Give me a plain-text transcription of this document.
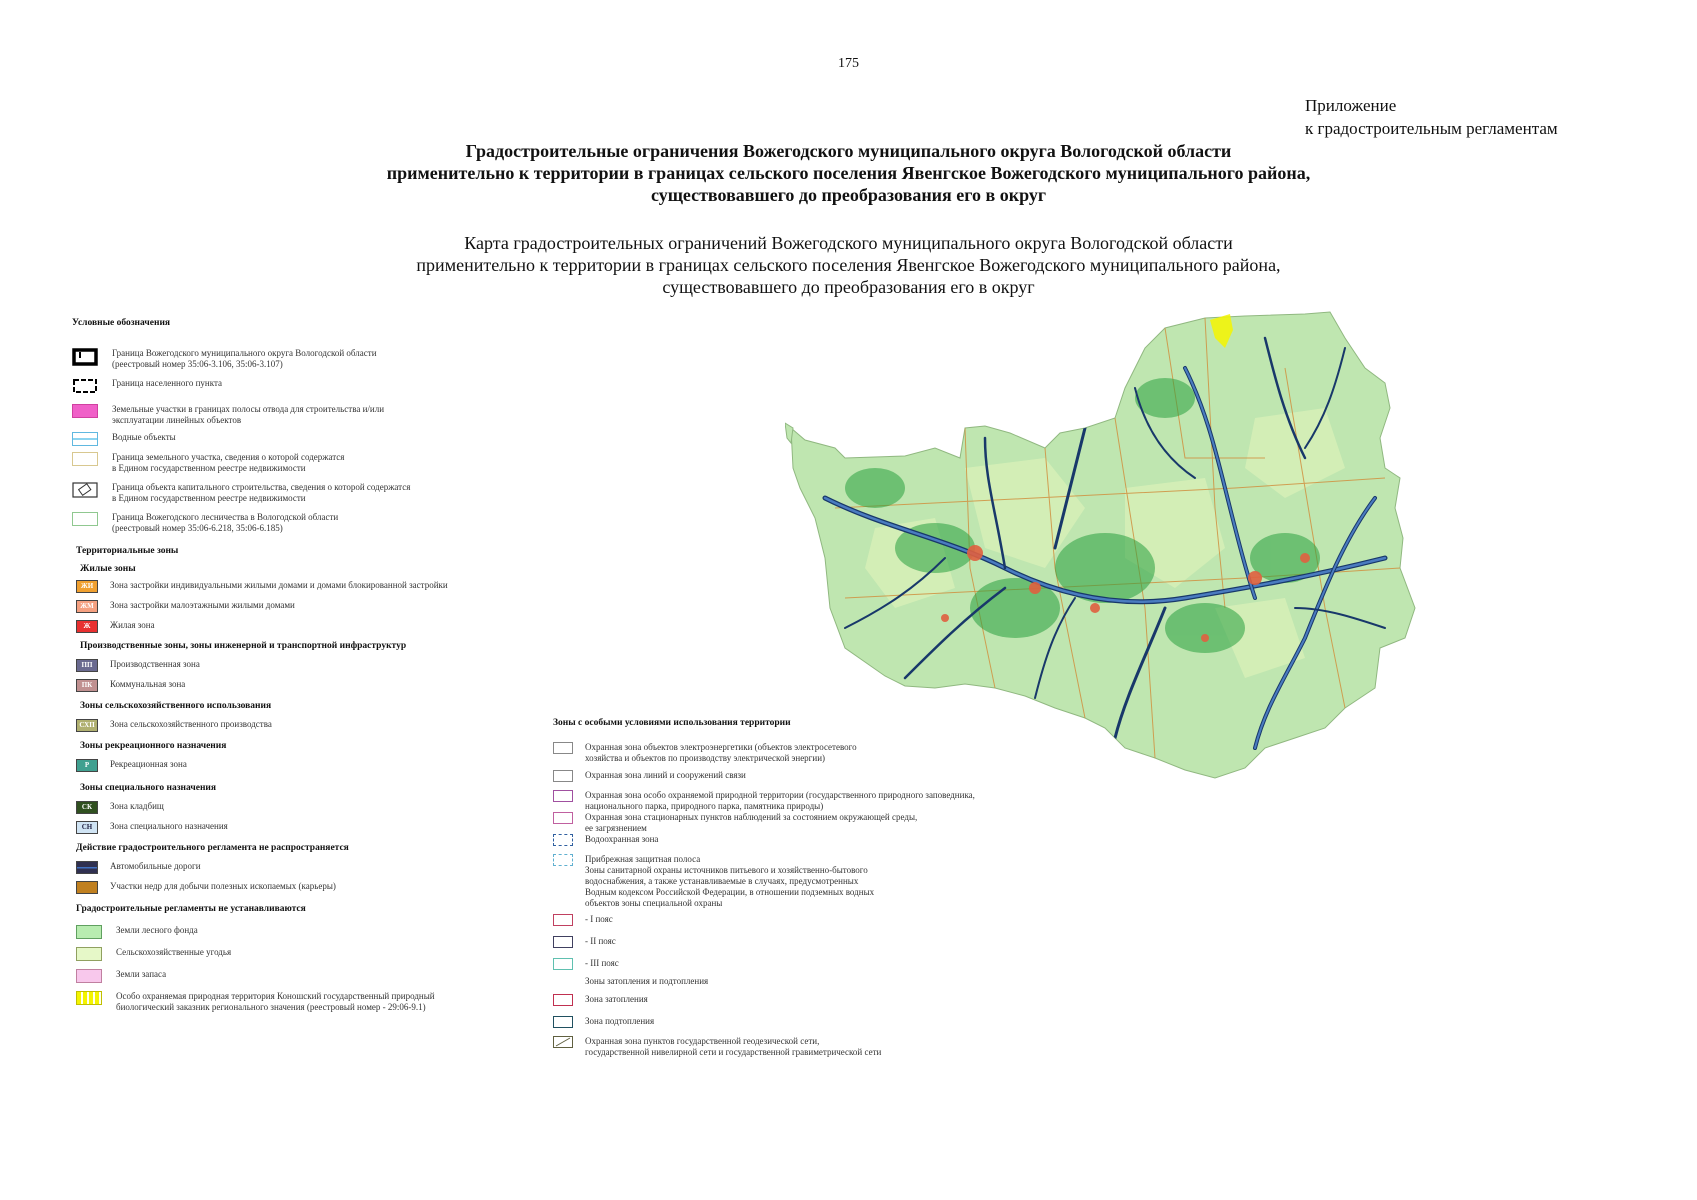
175
Приложение
к градостроительным регламентам
Градостроительные ограничения Вожегодского муниципального округа Вологодской области
применительно к территории в границах сельского поселения Явенгское Вожегодского муниципального района,
существовавшего до преобразования его в округ
Карта градостроительных ограничений Вожегодского муниципального округа Вологодской области
применительно к территории в границах сельского поселения Явенгское Вожегодского муниципального района,
существовавшего до преобразования его в округ
Условные обозначения
Граница Вожегодского муниципального округа Вологодской области
(реестровый номер 35:06-3.106, 35:06-3.107)
Граница населенного пункта
Земельные участки в границах полосы отвода для строительства и/или
эксплуатации линейных объектов
Водные объекты
Граница земельного участка, сведения о которой содержатся
в Едином государственном реестре недвижимости
Граница объекта капитального строительства, сведения о которой содержатся
в Едином государственном реестре недвижимости
Граница Вожегодского лесничества в Вологодской области
(реестровый номер 35:06-6.218, 35:06-6.185)
Территориальные зоны
Жилые зоны
ЖИ	Зона застройки индивидуальными жилыми домами и домами блокированной застройки
ЖМ	Зона застройки малоэтажными жилыми домами
Ж	Жилая зона
Производственные зоны, зоны инженерной и транспортной инфраструктур
ПП	Производственная зона
ПК	Коммунальная зона
Зоны сельскохозяйственного использования
СХП	Зона сельскохозяйственного производства
Зоны рекреационного назначения
Р	Рекреационная зона
Зоны специального назначения
СК	Зона кладбищ
СН	Зона специального назначения
Действие градостроительного регламента не распространяется
Автомобильные дороги
Участки недр для добычи полезных ископаемых (карьеры)
Градостроительные регламенты не устанавливаются
Земли лесного фонда
Сельскохозяйственные угодья
Земли запаса
Особо охраняемая природная территория Коношский государственный природный
биологический заказник регионального значения (реестровый номер - 29:06-9.1)
Зоны с особыми условиями использования территории
Охранная зона объектов электроэнергетики (объектов электросетевого
хозяйства и объектов по производству электрической энергии)
Охранная зона линий и сооружений связи
Охранная зона особо охраняемой природной территории (государственного природного заповедника,
национального парка, природного парка, памятника природы)
Охранная зона стационарных пунктов наблюдений за состоянием окружающей среды,
ее загрязнением
Водоохранная зона
Прибрежная защитная полоса
Зоны санитарной охраны источников питьевого и хозяйственно-бытового
водоснабжения, а также устанавливаемые в случаях, предусмотренных
Водным кодексом Российской Федерации, в отношении подземных водных
объектов зоны специальной охраны
- I пояс
- II пояс
- III пояс
Зоны затопления и подтопления
Зона затопления
Зона подтопления
Охранная зона пунктов государственной геодезической сети,
государственной нивелирной сети и государственной гравиметрической сети
